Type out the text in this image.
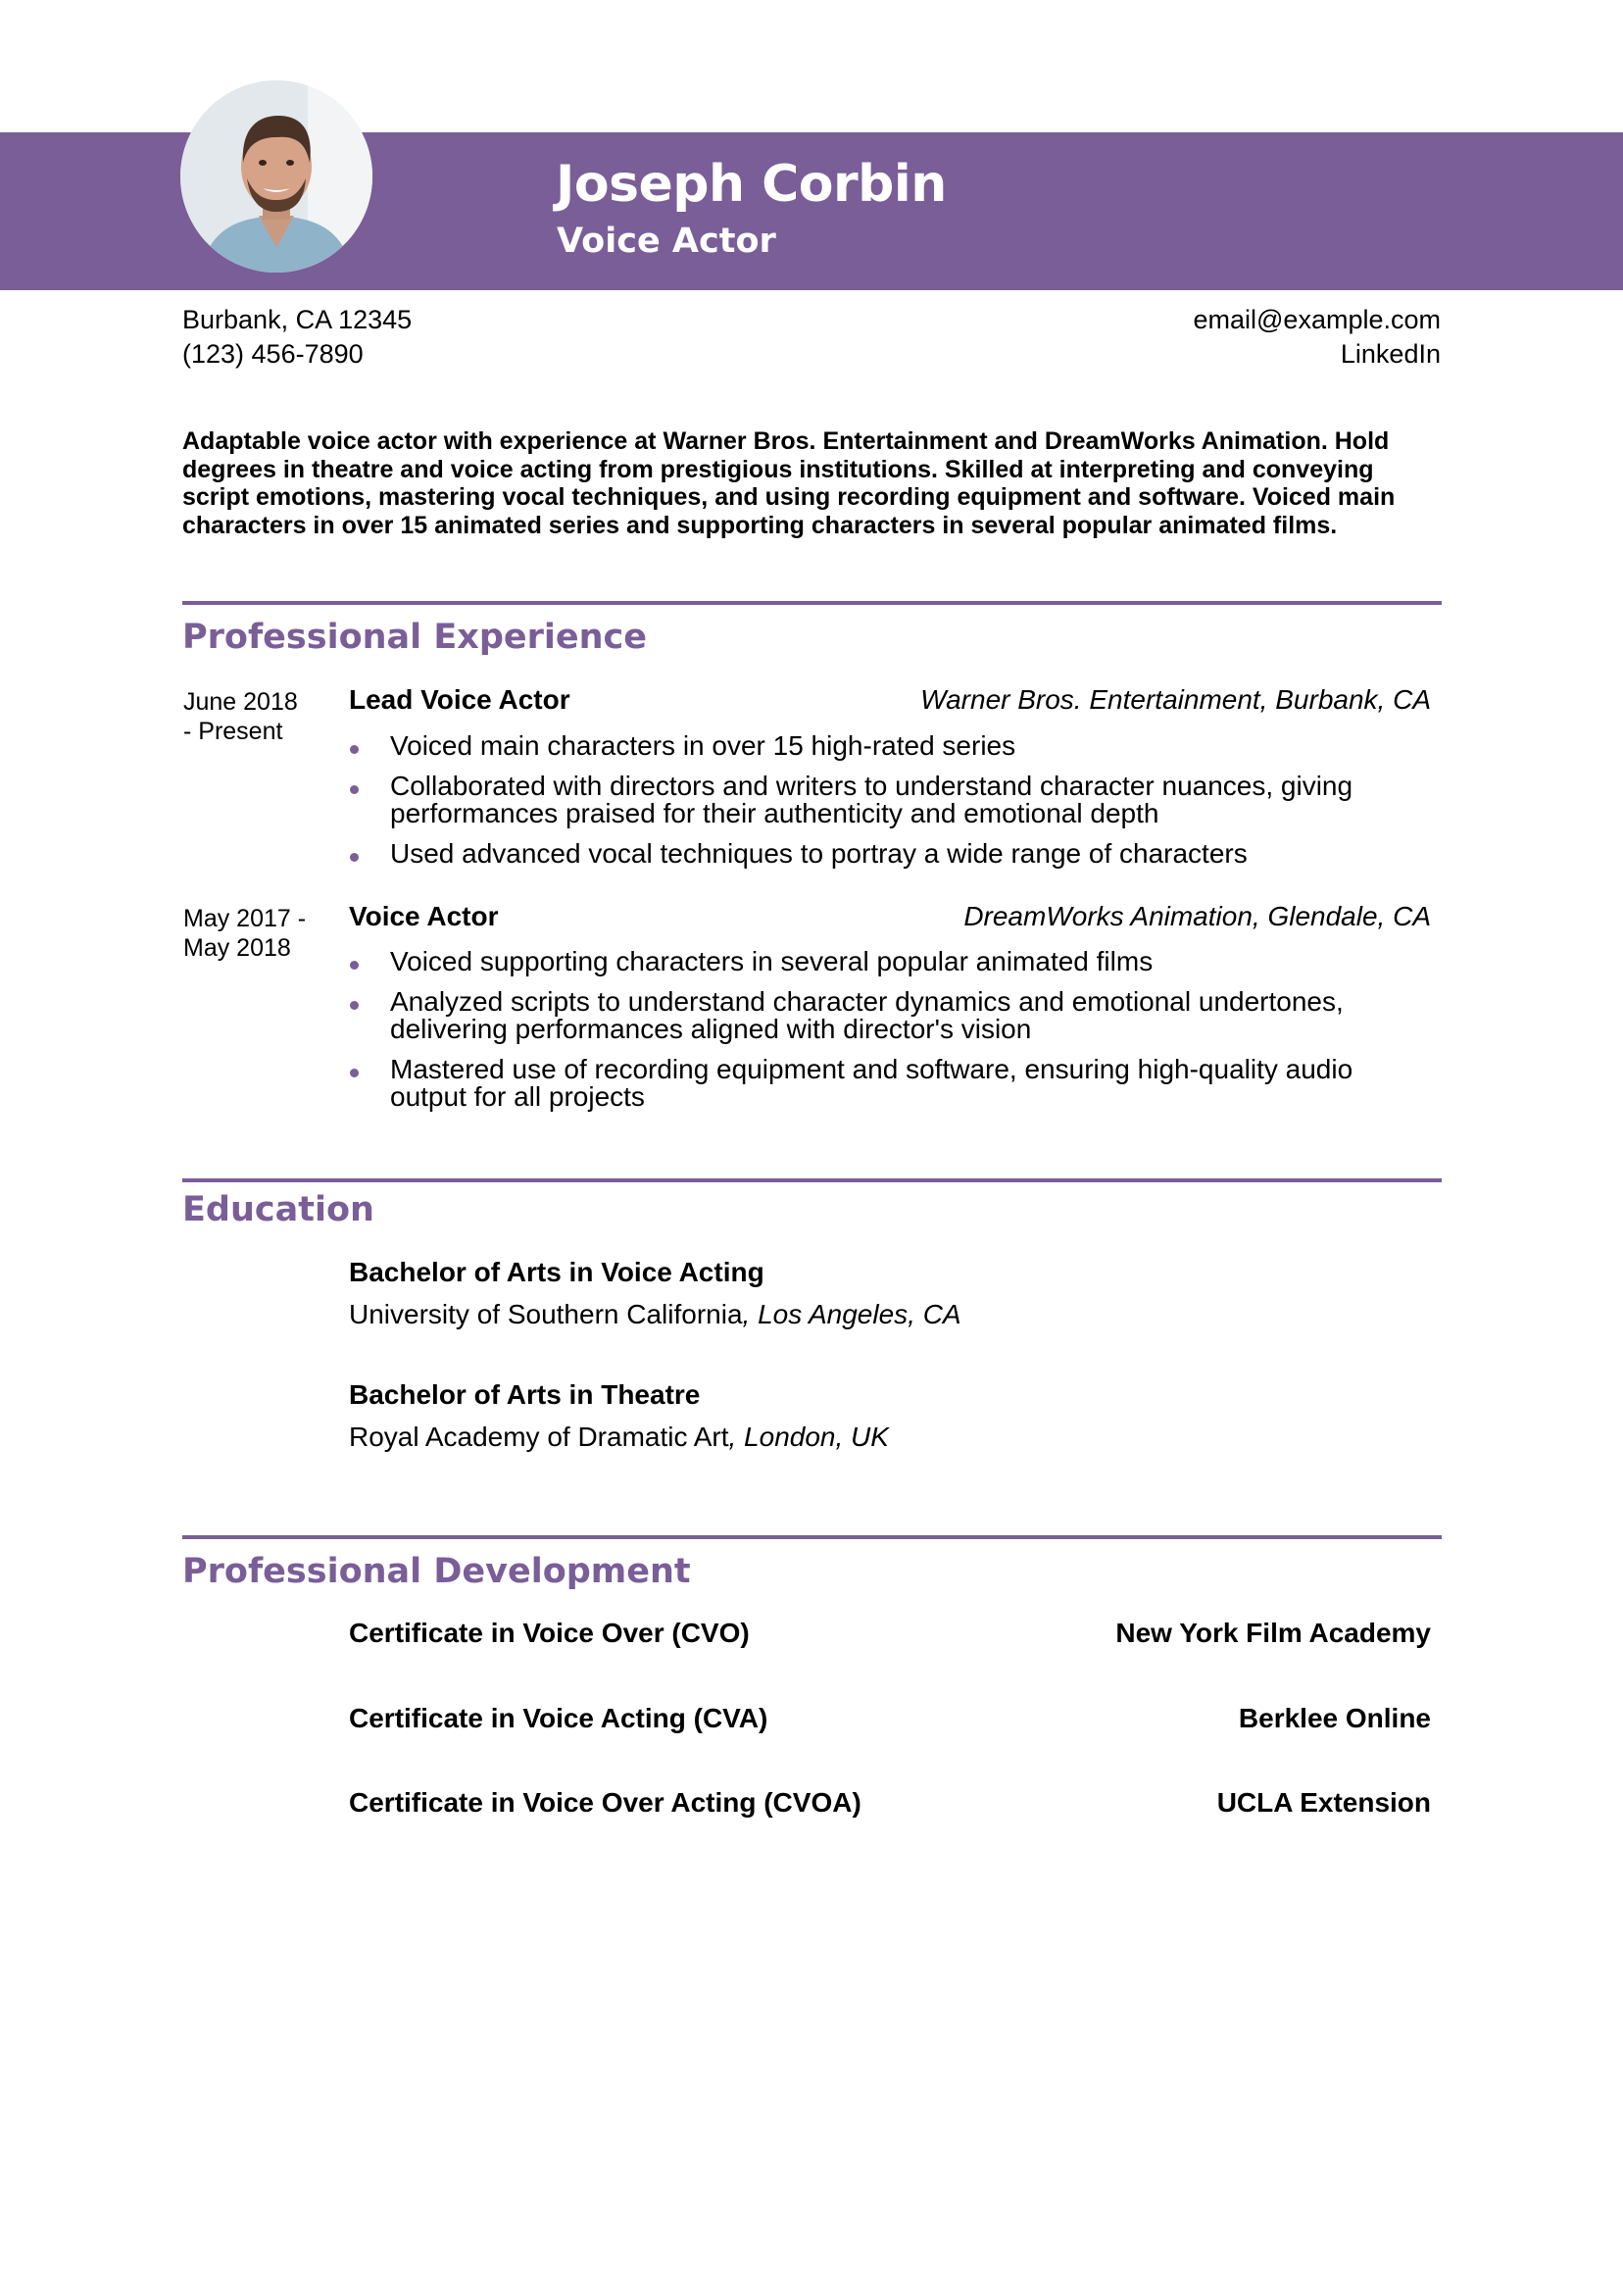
Joseph Corbin
Voice Actor
Burbank, CA 12345
(123) 456-7890
email@example.com
LinkedIn
Adaptable voice actor with experience at Warner Bros. Entertainment and DreamWorks Animation. Hold degrees in theatre and voice acting from prestigious institutions. Skilled at interpreting and conveying script emotions, mastering vocal techniques, and using recording equipment and software. Voiced main characters in over 15 animated series and supporting characters in several popular animated films.
Professional Experience
June 2018
- Present
Lead Voice Actor	Warner Bros. Entertainment, Burbank, CA
Voiced main characters in over 15 high-rated series
Collaborated with directors and writers to understand character nuances, giving performances praised for their authenticity and emotional depth
Used advanced vocal techniques to portray a wide range of characters
May 2017 -
May 2018
Voice Actor	DreamWorks Animation, Glendale, CA
Voiced supporting characters in several popular animated films
Analyzed scripts to understand character dynamics and emotional undertones, delivering performances aligned with director's vision
Mastered use of recording equipment and software, ensuring high-quality audio output for all projects
Education
Bachelor of Arts in Voice Acting
University of Southern California, Los Angeles, CA
Bachelor of Arts in Theatre
Royal Academy of Dramatic Art, London, UK
Professional Development
Certificate in Voice Over (CVO)	New York Film Academy
Certificate in Voice Acting (CVA)	Berklee Online
Certificate in Voice Over Acting (CVOA)	UCLA Extension
